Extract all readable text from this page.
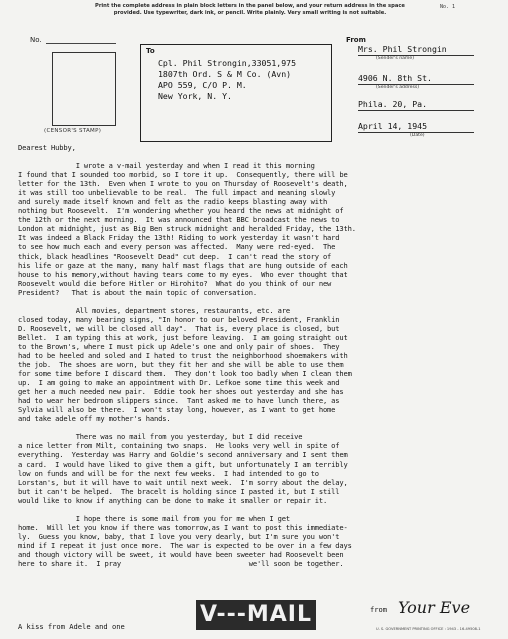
Print the complete address in plain block letters in the panel below, and your return address in the space provided. Use typewriter, dark ink, or pencil. Write plainly. Very small writing is not suitable.
No. 1
No.
(CENSOR'S STAMP)
To
Cpl. Phil Strongin,33051,975
1807th Ord. S & M Co. (Avn)
APO 559, C/O P. M.
New York, N. Y.
From
Mrs. Phil Strongin
(Sender's name)
4906 N. 8th St.
(Sender's address)
Phila. 20, Pa.
April 14, 1945
(Date)
Dearest Hubby,
I wrote a v-mail yesterday and when I read it this morning
I found that I sounded too morbid, so I tore it up.  Consequently, there will be
letter for the 13th.  Even when I wrote to you on Thursday of Roosevelt's death,
it was still too unbelievable to be real.  The full impact and meaning slowly
and surely made itself known and felt as the radio keeps blasting away with
nothing but Roosevelt.  I'm wondering whether you heard the news at midnight of
the 12th or the next morning.  It was announced that BBC broadcast the news to
London at midnight, just as Big Ben struck midnight and heralded Friday, the 13th.
It was indeed a Black Friday the 13th! Riding to work yesterday it wasn't hard
to see how much each and every person was affected.  Many were red-eyed.  The
thick, black headlines "Roosevelt Dead" cut deep.  I can't read the story of
his life or gaze at the many, many half mast flags that are hung outside of each
house to his memory,without having tears come to my eyes.  Who ever thought that
Roosevelt would die before Hitler or Hirohito?  What do you think of our new
President?   That is about the main topic of conversation.
All movies, department stores, restaurants, etc. are
closed today, many bearing signs, "In honor to our beloved President, Franklin
D. Roosevelt, we will be closed all day".  That is, every place is closed, but
Bellet.  I am typing this at work, just before leaving.  I am going straight out
to the Brown's, where I must pick up Adele's one and only pair of shoes.  They
had to be heeled and soled and I hated to trust the neighborhood shoemakers with
the job.  The shoes are worn, but they fit her and she will be able to use them
for some time before I discard them.  They don't look too badly when I clean them
up.  I am going to make an appointment with Dr. Lefkoe some time this week and
get her a much needed new pair.  Eddie took her shoes out yesterday and she has
had to wear her bedroom slippers since.  Tant asked me to have lunch there, as
Sylvia will also be there.  I won't stay long, however, as I want to get home
and take adele off my mother's hands.
There was no mail from you yesterday, but I did receive
a nice letter from Milt, containing two snaps.  He looks very well in spite of
everything.  Yesterday was Harry and Goldie's second anniversary and I sent them
a card.  I would have liked to give them a gift, but unfortunately I am terribly
low on funds and will be for the next few weeks.  I had intended to go to
Lorstan's, but it will have to wait until next week.  I'm sorry about the delay,
but it can't be helped.  The bracelt is holding since I pasted it, but I still
would like to know if anything can be done to make it smaller or repair it.
I hope there is some mail from you for me when I get
home.  Will let you know if there was tomorrow,as I want to post this immediate-
ly.  Guess you know, baby, that I love you very dearly, but I'm sure you won't
mind if I repeat it just once more.  The war is expected to be over in a few days
and though victory will be sweet, it would have been sweeter had Roosevelt been
here to share it.  I pray                               we'll soon be together.
A kiss from Adele and one	V---MAIL	from Your Eve
U. S. GOVERNMENT PRINTING OFFICE : 1943 - 16-49508-1
